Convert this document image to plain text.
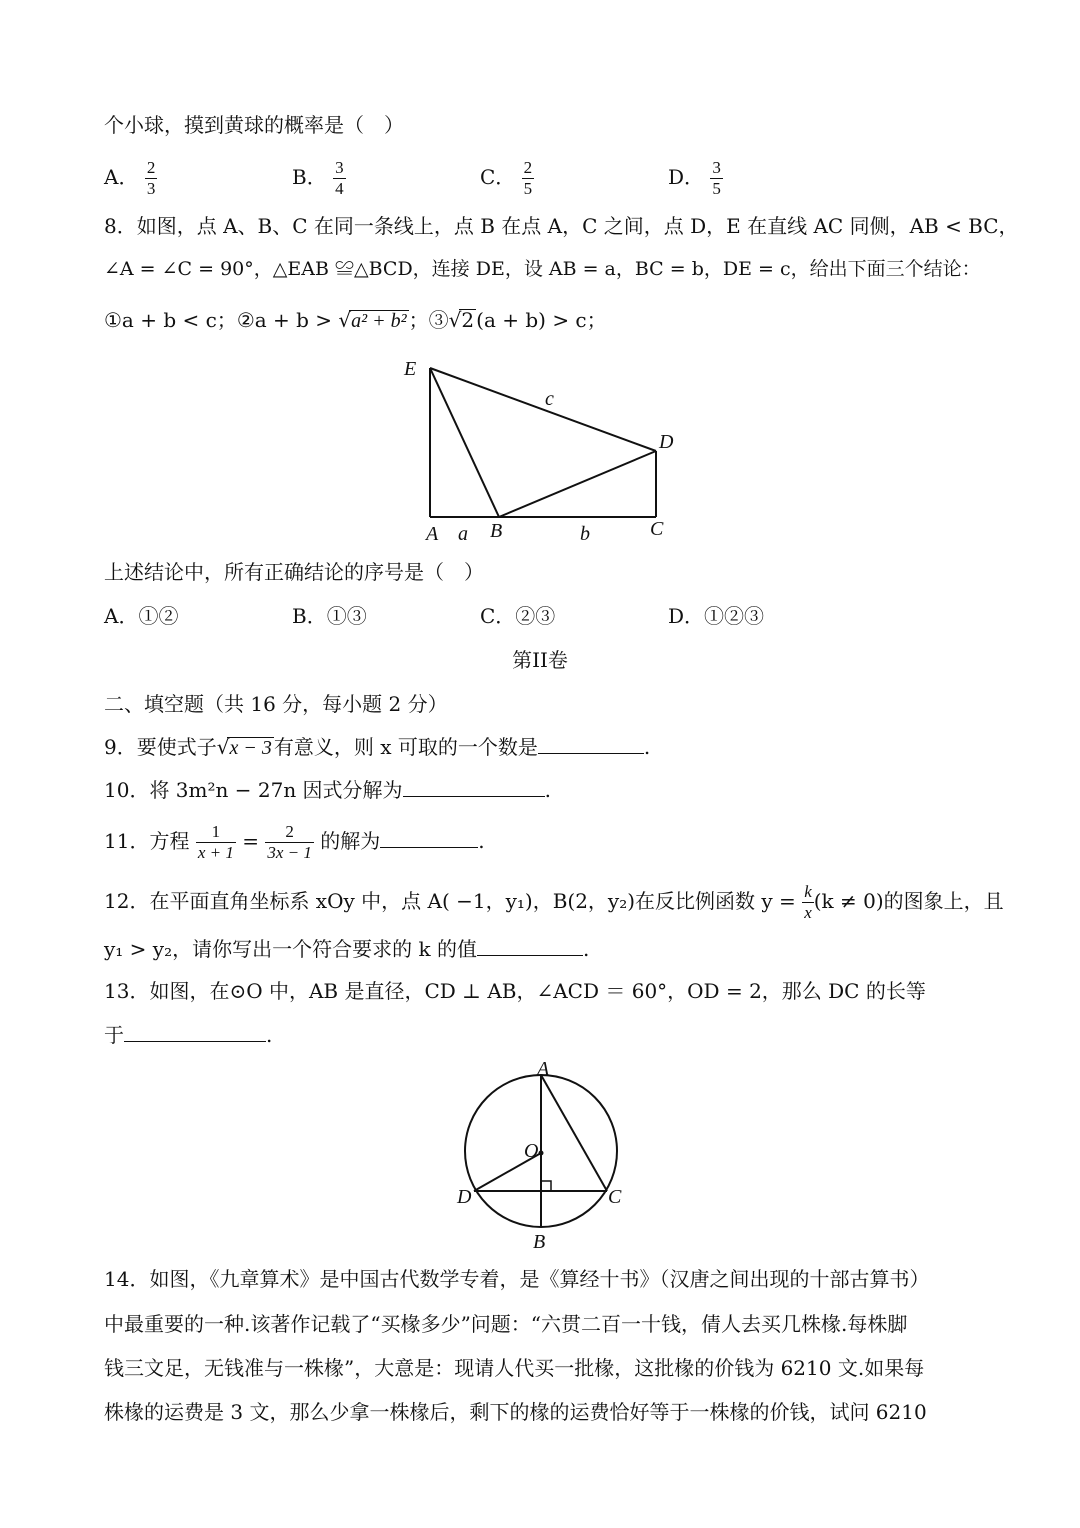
个小球，摸到黄球的概率是（　）
A． $\frac{2}{3}$	B． $\frac{3}{4}$	C． $\frac{2}{5}$	D． $\frac{3}{5}$
8．如图，点 A、B、C 在同一条线上，点 B 在点 A，C 之间，点 D，E 在直线 AC 同侧，AB < BC，
∠A = ∠C = 90°，△EAB ≌△BCD，连接 DE，设 AB = a，BC = b，DE = c，给出下面三个结论：
①a + b < c；②a + b > √a² + b² ；③√2 (a + b) > c；
E
D
c
A a B	b	C
A
O
D	C
B
上述结论中，所有正确结论的序号是（　）
A．①②	B．①③	C．②③	D．①②③
第II卷
二、填空题（共 16 分，每小题 2 分）
9．要使式子√x − 3 有意义，则 x 可取的一个数是	.
10．将 3m²n − 27n 因式分解为	.
11．方程 $\frac{1}{x + 1} = \frac{2}{3x - 1}$ 的解为	.
12．在平面直角坐标系 xOy 中，点 A( −1，y₁)，B(2，y₂)在反比例函数 $y = \frac{k}{x} (k \ne 0)$的图象上，且
y₁ > y₂，请你写出一个符合要求的 k 的值	.
13．如图，在⊙O 中，AB 是直径，CD ⊥ AB，∠ACD ＝ 60°，OD = 2，那么 DC 的长等
于	.
14．如图，《九章算术》是中国古代数学专着，是《算经十书》（汉唐之间出现的十部古算书）
中最重要的一种.该著作记载了“买椽多少”问题：“六贯二百一十钱，倩人去买几株椽.每株脚
钱三文足，无钱准与一株椽”，大意是：现请人代买一批椽，这批椽的价钱为 6210 文.如果每
株椽的运费是 3 文，那么少拿一株椽后，剩下的椽的运费恰好等于一株椽的价钱，试问 6210
